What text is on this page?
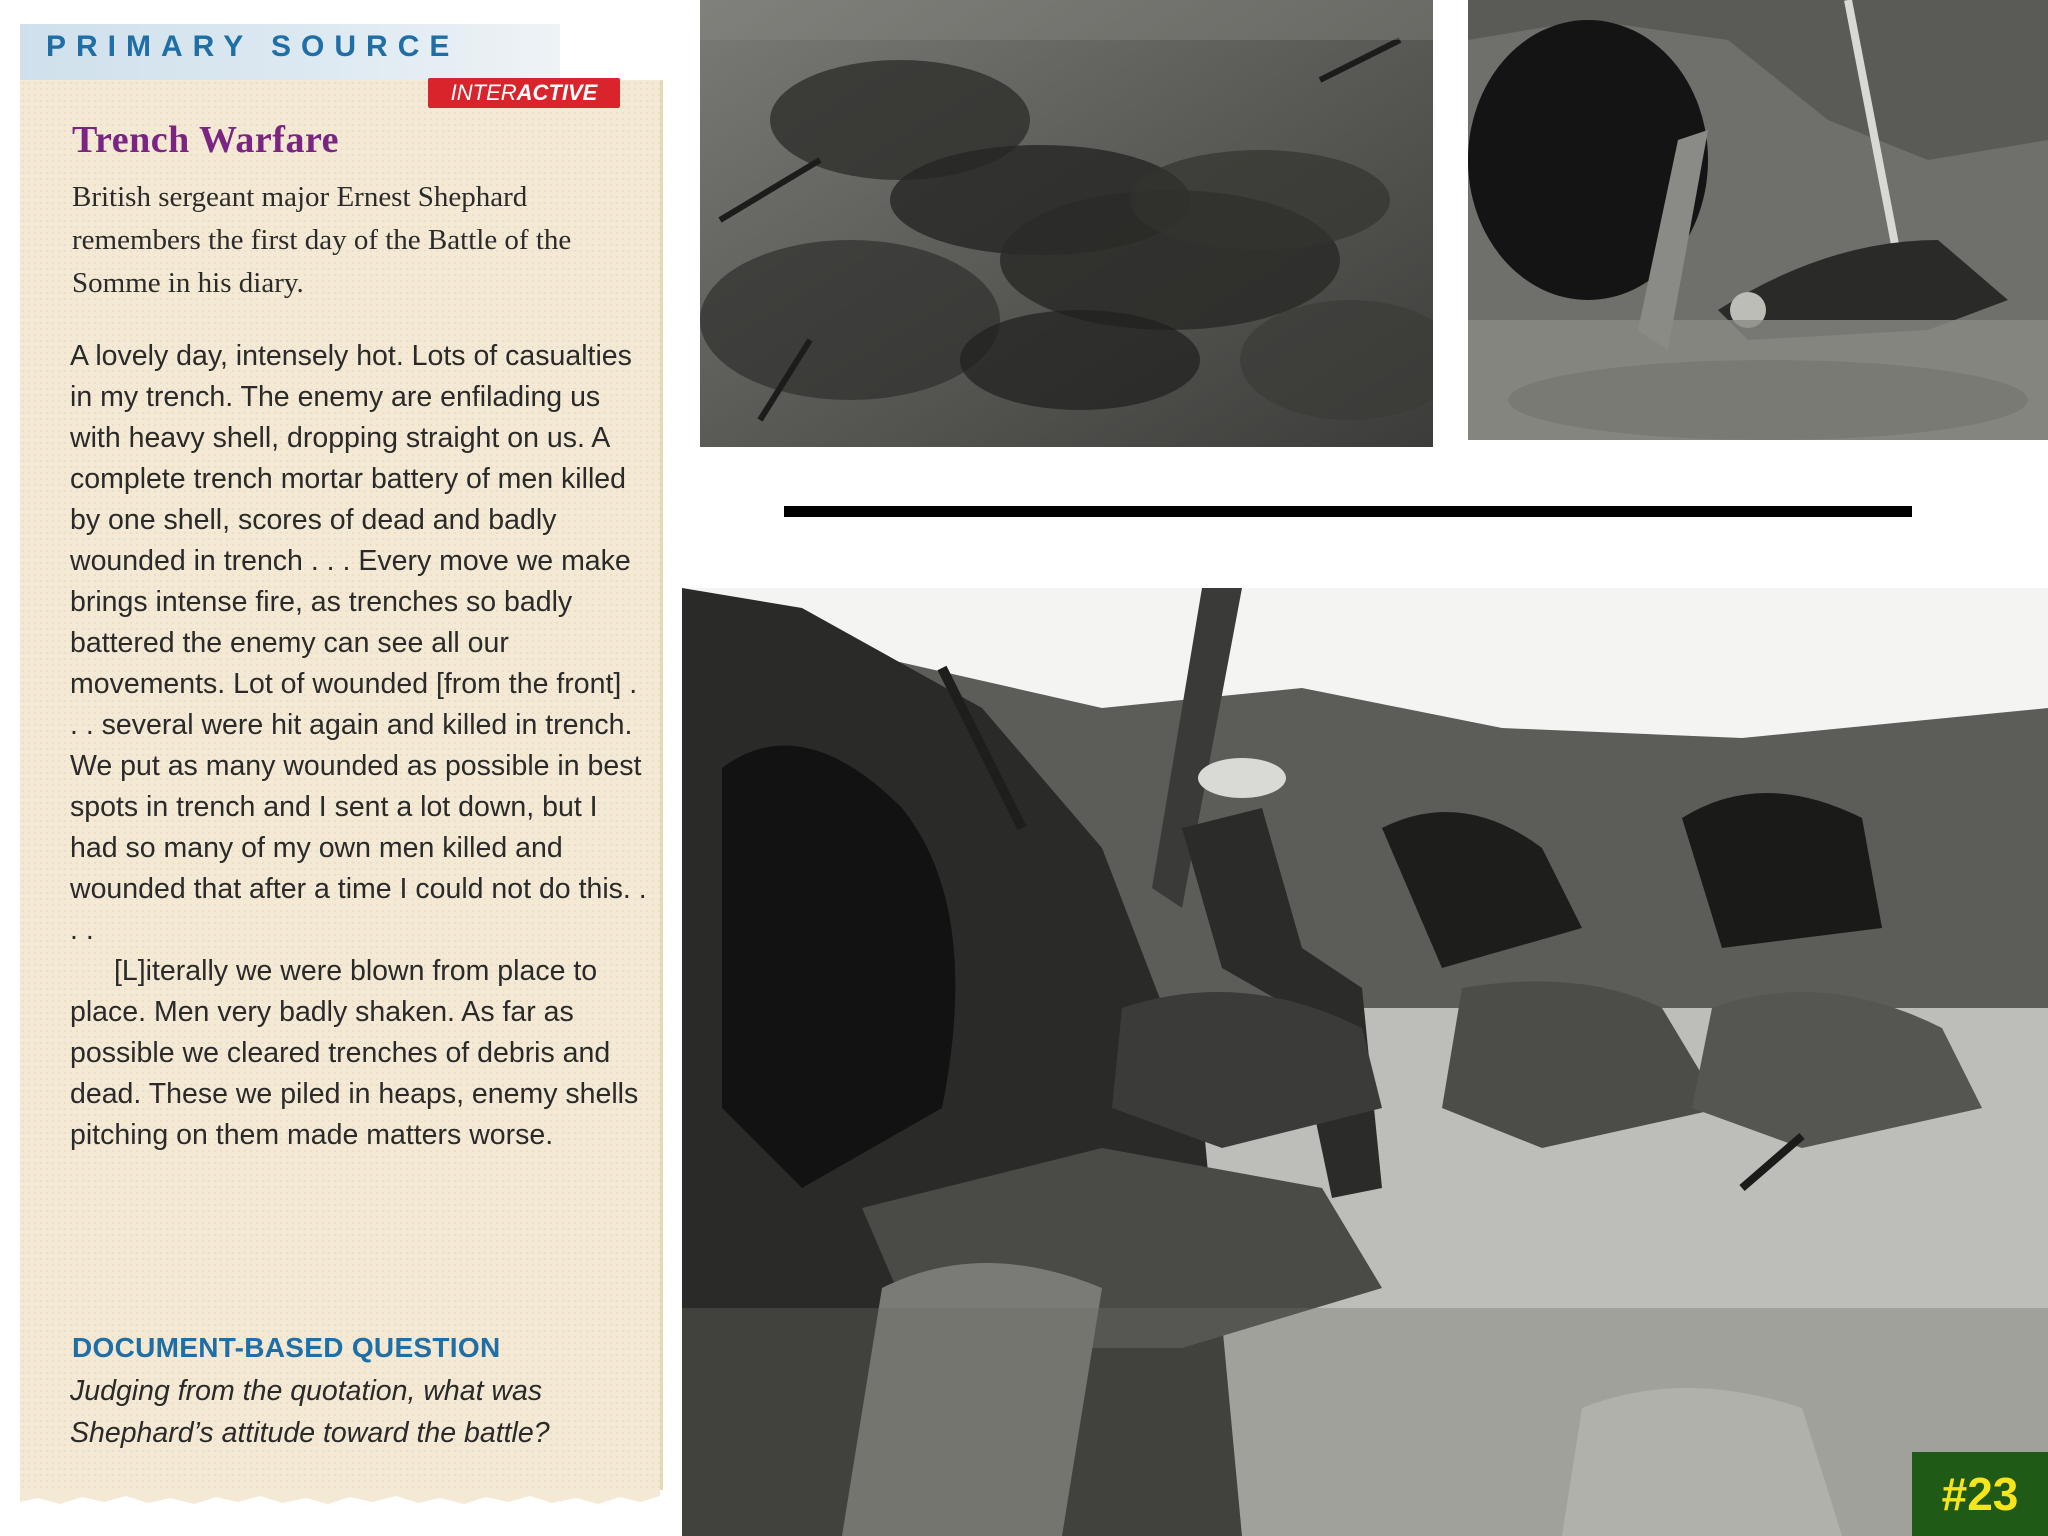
PRIMARY SOURCE
INTERACTIVE
Trench Warfare
British sergeant major Ernest Shephard remembers the first day of the Battle of the Somme in his diary.

A lovely day, intensely hot. Lots of casualties in my trench. The enemy are enfilading us with heavy shell, dropping straight on us. A complete trench mortar battery of men killed by one shell, scores of dead and badly wounded in trench . . . Every move we make brings intense fire, as trenches so badly battered the enemy can see all our movements. Lot of wounded [from the front] . . . several were hit again and killed in trench. We put as many wounded as possible in best spots in trench and I sent a lot down, but I had so many of my own men killed and wounded that after a time I could not do this. . . .

[L]iterally we were blown from place to place. Men very badly shaken. As far as possible we cleared trenches of debris and dead. These we piled in heaps, enemy shells pitching on them made matters worse.

DOCUMENT-BASED QUESTION
Judging from the quotation, what was Shephard’s attitude toward the battle?
#23
